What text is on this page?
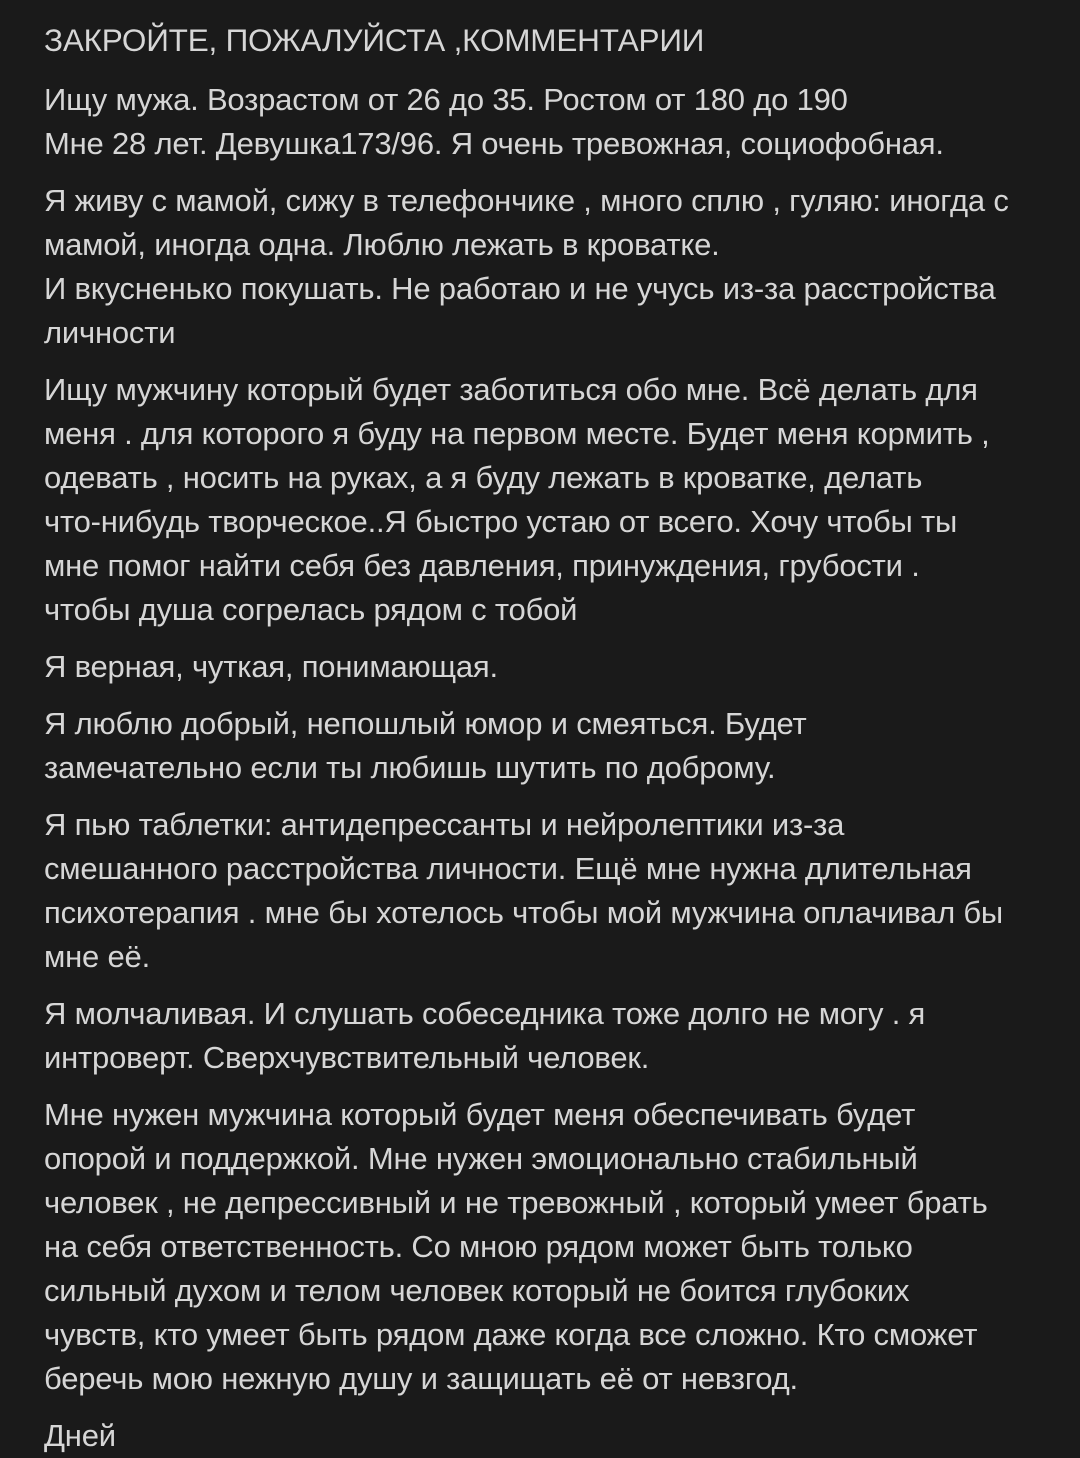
ЗАКРОЙТЕ, ПОЖАЛУЙСТА ,КОММЕНТАРИИ
Ищу мужа. Возрастом от 26 до 35. Ростом от 180 до 190
Мне 28 лет. Девушка173/96. Я очень тревожная, социофобная.
Я живу с мамой, сижу в телефончике , много сплю , гуляю: иногда с
мамой, иногда одна. Люблю лежать в кроватке.
И вкусненько покушать. Не работаю и не учусь из-за расстройства
личности
Ищу мужчину который будет заботиться обо мне. Всё делать для
меня . для которого я буду на первом месте. Будет меня кормить ,
одевать , носить на руках, а я буду лежать в кроватке, делать
что-нибудь творческое..Я быстро устаю от всего. Хочу чтобы ты
мне помог найти себя без давления, принуждения, грубости .
чтобы душа согрелась рядом с тобой
Я верная, чуткая, понимающая.
Я люблю добрый, непошлый юмор и смеяться. Будет
замечательно если ты любишь шутить по доброму.
Я пью таблетки: антидепрессанты и нейролептики из-за
смешанного расстройства личности. Ещё мне нужна длительная
психотерапия . мне бы хотелось чтобы мой мужчина оплачивал бы
мне её.
Я молчаливая. И слушать собеседника тоже долго не могу . я
интроверт. Сверхчувствительный человек.
Мне нужен мужчина который будет меня обеспечивать будет
опорой и поддержкой. Мне нужен эмоционально стабильный
человек , не депрессивный и не тревожный , который умеет брать
на себя ответственность. Со мною рядом может быть только
сильный духом и телом человек который не боится глубоких
чувств, кто умеет быть рядом даже когда все сложно. Кто сможет
беречь мою нежную душу и защищать её от невзгод.
Дней
